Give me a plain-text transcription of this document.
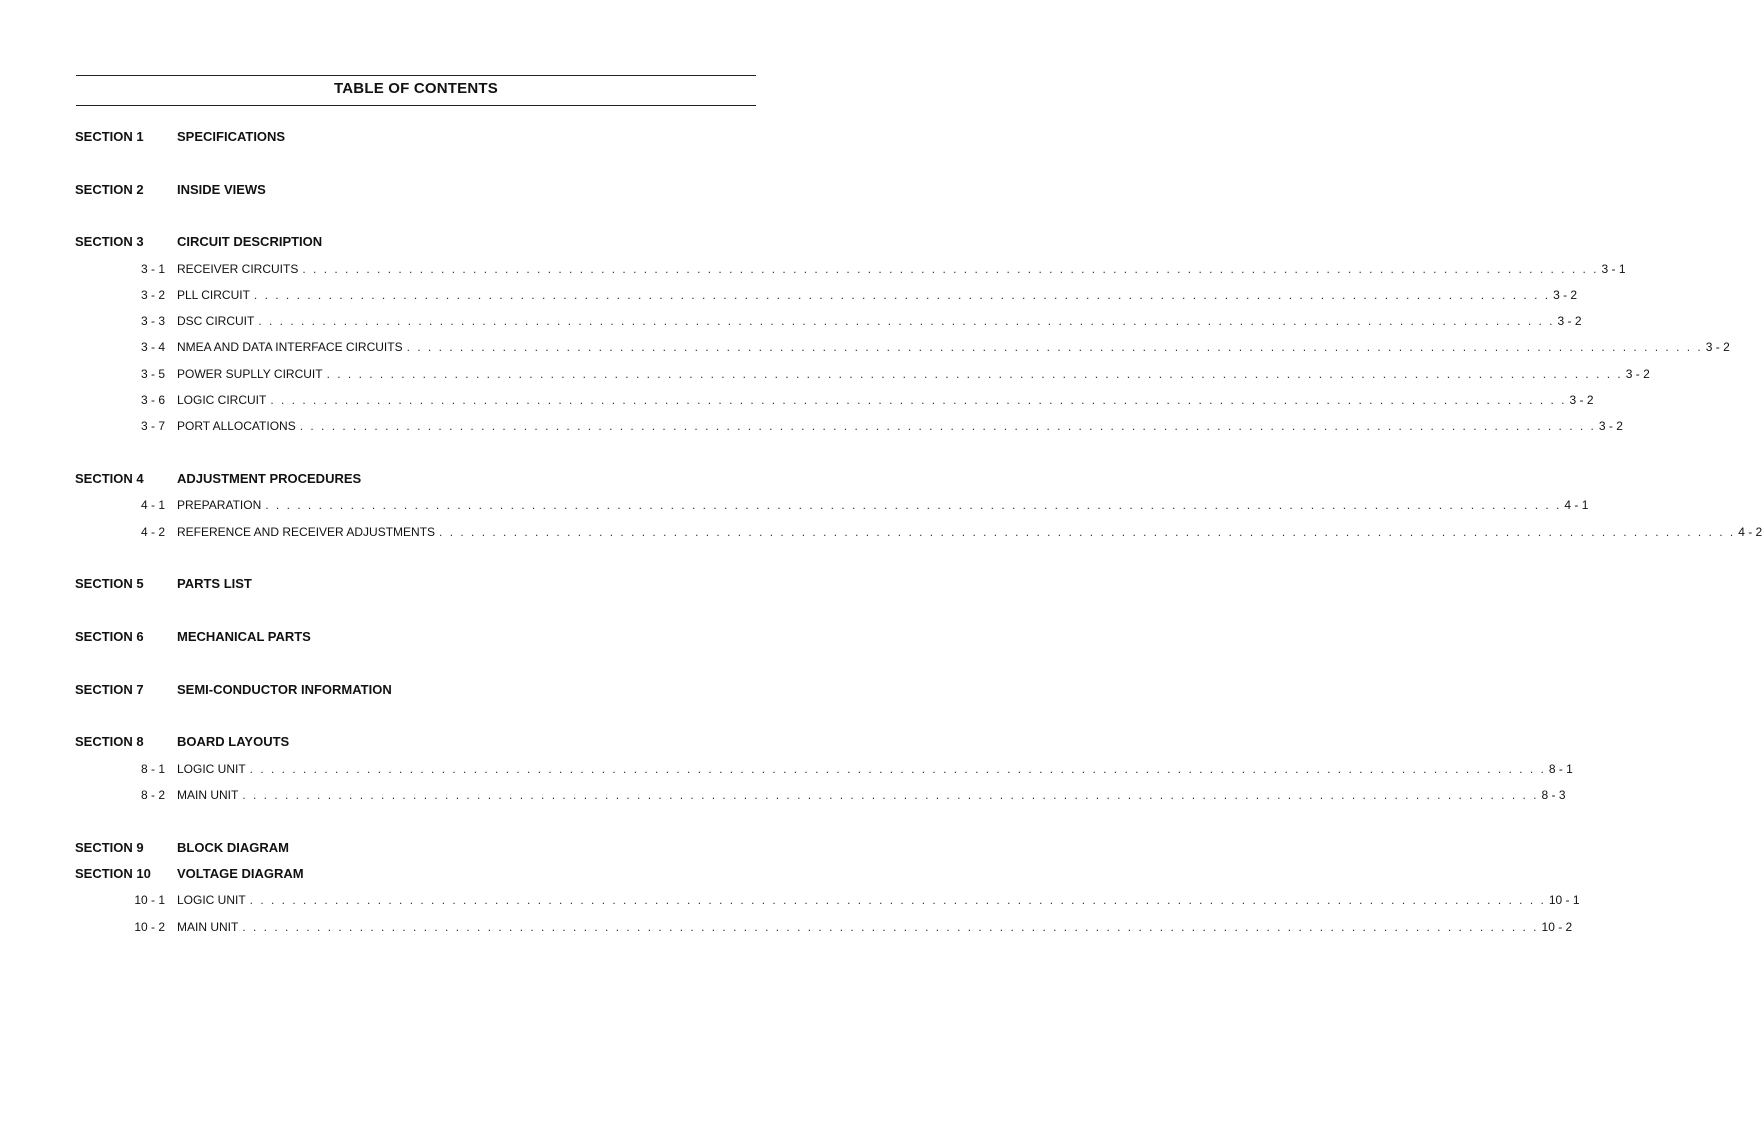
TABLE OF CONTENTS
SECTION 1	SPECIFICATIONS
SECTION 2	INSIDE VIEWS
SECTION 3	CIRCUIT DESCRIPTION
3 - 1 RECEIVER CIRCUITS . . . . . . . . . . . . . . . . . . . . . . . . . . . . . . . . . . . . . . . . . . . . . . . . . . . . . . . . . . . . . . . . . . . . . . . . . . . . . . . . . . . . . . . . . . . . . . . . . . . . . . . . . . . . . . . . . . . . . . . . . . 3 - 1
3 - 2 PLL CIRCUIT . . . . . . . . . . . . . . . . . . . . . . . . . . . . . . . . . . . . . . . . . . . . . . . . . . . . . . . . . . . . . . . . . . . . . . . . . . . . . . . . . . . . . . . . . . . . . . . . . . . . . . . . . . . . . . . . . . . . . . . . . . 3 - 2
3 - 3 DSC CIRCUIT . . . . . . . . . . . . . . . . . . . . . . . . . . . . . . . . . . . . . . . . . . . . . . . . . . . . . . . . . . . . . . . . . . . . . . . . . . . . . . . . . . . . . . . . . . . . . . . . . . . . . . . . . . . . . . . . . . . . . . . . . . 3 - 2
3 - 4 NMEA AND DATA INTERFACE CIRCUITS . . . . . . . . . . . . . . . . . . . . . . . . . . . . . . . . . . . . . . . . . . . . . . . . . . . . . . . . . . . . . . . . . . . . . . . . . . . . . . . . . . . . . . . . . . . . . . . . . . . . . . . . . . . . . . . . . . . . . . . . . . 3 - 2
3 - 5 POWER SUPLLY CIRCUIT . . . . . . . . . . . . . . . . . . . . . . . . . . . . . . . . . . . . . . . . . . . . . . . . . . . . . . . . . . . . . . . . . . . . . . . . . . . . . . . . . . . . . . . . . . . . . . . . . . . . . . . . . . . . . . . . . . . . . . . . . . 3 - 2
3 - 6 LOGIC CIRCUIT . . . . . . . . . . . . . . . . . . . . . . . . . . . . . . . . . . . . . . . . . . . . . . . . . . . . . . . . . . . . . . . . . . . . . . . . . . . . . . . . . . . . . . . . . . . . . . . . . . . . . . . . . . . . . . . . . . . . . . . . . . 3 - 2
3 - 7 PORT ALLOCATIONS . . . . . . . . . . . . . . . . . . . . . . . . . . . . . . . . . . . . . . . . . . . . . . . . . . . . . . . . . . . . . . . . . . . . . . . . . . . . . . . . . . . . . . . . . . . . . . . . . . . . . . . . . . . . . . . . . . . . . . . . . . 3 - 2
SECTION 4	ADJUSTMENT PROCEDURES
4 - 1 PREPARATION . . . . . . . . . . . . . . . . . . . . . . . . . . . . . . . . . . . . . . . . . . . . . . . . . . . . . . . . . . . . . . . . . . . . . . . . . . . . . . . . . . . . . . . . . . . . . . . . . . . . . . . . . . . . . . . . . . . . . . . . . . 4 - 1
4 - 2 REFERENCE AND RECEIVER ADJUSTMENTS . . . . . . . . . . . . . . . . . . . . . . . . . . . . . . . . . . . . . . . . . . . . . . . . . . . . . . . . . . . . . . . . . . . . . . . . . . . . . . . . . . . . . . . . . . . . . . . . . . . . . . . . . . . . . . . . . . . . . . . . . . 4 - 2
SECTION 5	PARTS LIST
SECTION 6	MECHANICAL PARTS
SECTION 7	SEMI-CONDUCTOR INFORMATION
SECTION 8	BOARD LAYOUTS
8 - 1 LOGIC UNIT . . . . . . . . . . . . . . . . . . . . . . . . . . . . . . . . . . . . . . . . . . . . . . . . . . . . . . . . . . . . . . . . . . . . . . . . . . . . . . . . . . . . . . . . . . . . . . . . . . . . . . . . . . . . . . . . . . . . . . . . . . 8 - 1
8 - 2 MAIN UNIT . . . . . . . . . . . . . . . . . . . . . . . . . . . . . . . . . . . . . . . . . . . . . . . . . . . . . . . . . . . . . . . . . . . . . . . . . . . . . . . . . . . . . . . . . . . . . . . . . . . . . . . . . . . . . . . . . . . . . . . . . . 8 - 3
SECTION 9	BLOCK DIAGRAM
SECTION 10 VOLTAGE DIAGRAM
10 - 1 LOGIC UNIT . . . . . . . . . . . . . . . . . . . . . . . . . . . . . . . . . . . . . . . . . . . . . . . . . . . . . . . . . . . . . . . . . . . . . . . . . . . . . . . . . . . . . . . . . . . . . . . . . . . . . . . . . . . . . . . . . . . . . . . . . . 10 - 1
10 - 2 MAIN UNIT . . . . . . . . . . . . . . . . . . . . . . . . . . . . . . . . . . . . . . . . . . . . . . . . . . . . . . . . . . . . . . . . . . . . . . . . . . . . . . . . . . . . . . . . . . . . . . . . . . . . . . . . . . . . . . . . . . . . . . . . . . 10 - 2
